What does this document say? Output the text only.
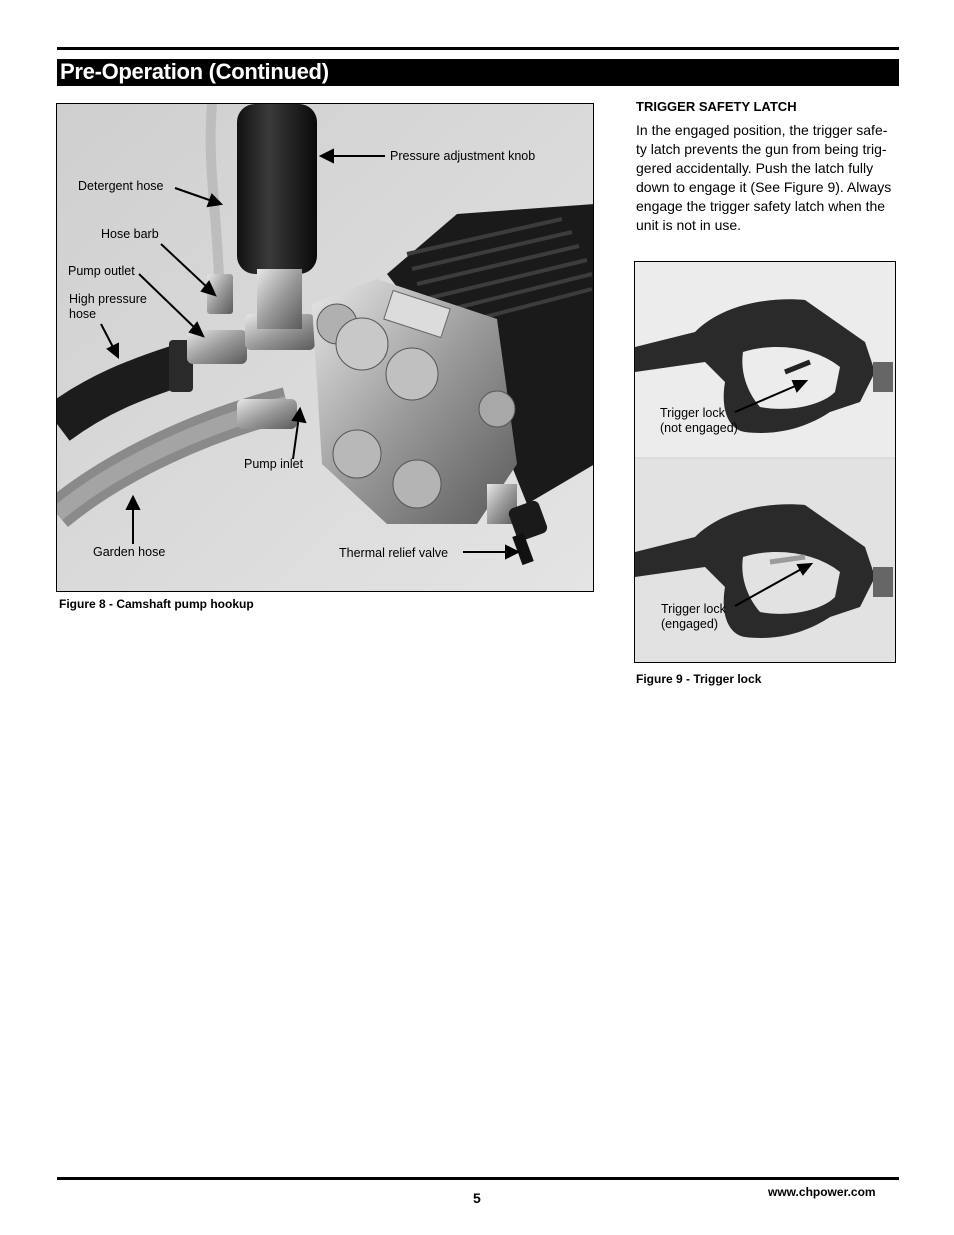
Pre-Operation (Continued)
Pressure adjustment knob
Detergent hose
Hose barb
Pump outlet
High pressure
hose
Pump inlet
Garden hose	Thermal relief valve
Figure 8 - Camshaft pump hookup
TRIGGER SAFETY LATCH
In the engaged position, the trigger safe-
ty latch prevents the gun from being trig-
gered accidentally. Push the latch fully
down to engage it (See Figure 9). Always
engage the trigger safety latch when the
unit is not in use.
Trigger lock
(not engaged)
Trigger lock
(engaged)
Figure 9 - Trigger lock
5	www.chpower.com
